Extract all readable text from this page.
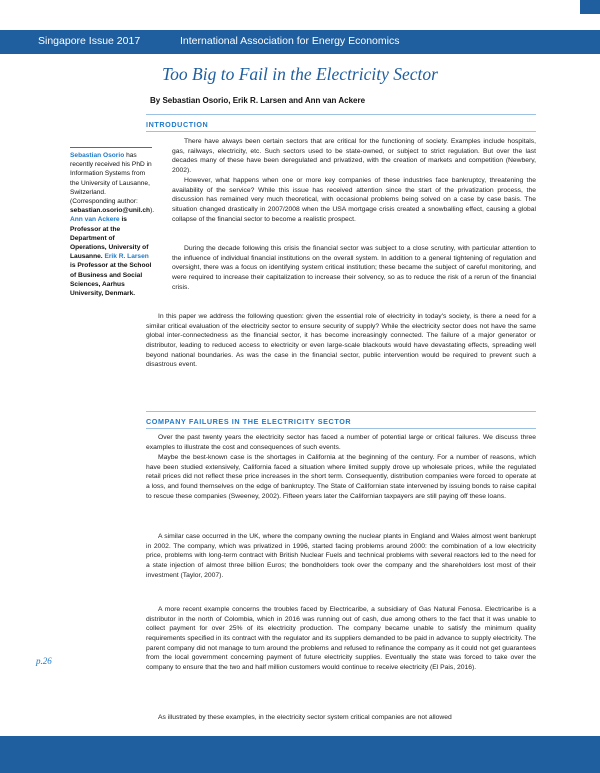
Singapore Issue 2017	International Association for Energy Economics
Too Big to Fail in the Electricity Sector
By Sebastian Osorio, Erik R. Larsen and Ann van Ackere
INTRODUCTION
Sebastian Osorio has recently received his PhD in Information Systems from the University of Lausanne, Switzerland. (Corresponding author: sebastian.osorio@unil.ch). Ann van Ackere is Professor at the Department of Operations, University of Lausanne. Erik R. Larsen is Professor at the School of Business and Social Sciences, Aarhus University, Denmark.

There have always been certain sectors that are critical for the functioning of society. Examples include hospitals, gas, railways, electricity, etc. Such sectors used to be state-owned, or subject to strict regulation. But over the last decades many of these have been deregulated and privatized, with the creation of markets and competition (Newbery, 2002).

However, what happens when one or more key companies of these industries face bankruptcy, threatening the availability of the service? While this issue has received attention since the start of the privatization process, the discussion has remained very much theoretical, with occasional problems being solved on a case by case basis. The situation changed drastically in 2007/2008 when the USA mortgage crisis created a snowballing effect, causing a global collapse of the financial sector to become a realistic prospect.

During the decade following this crisis the financial sector was subject to a close scrutiny, with particular attention to the influence of individual financial institutions on the overall system. In addition to a general tightening of regulation and oversight, there was a focus on identifying system critical institution; these became the subject of careful monitoring, and were required to increase their capitalization to increase their solvency, so as to reduce the risk of a rerun of the financial crisis.

In this paper we address the following question: given the essential role of electricity in today's society, is there a need for a similar critical evaluation of the electricity sector to ensure security of supply? While the electricity sector does not have the same global inter-connectedness as the financial sector, it has become increasingly connected. The failure of a major generator or distributor, leading to reduced access to electricity or even large-scale blackouts would have devastating effects, spreading well beyond national boundaries. As was the case in the financial sector, public intervention would be required to prevent such a disastrous event.

COMPANY FAILURES IN THE ELECTRICITY SECTOR

Over the past twenty years the electricity sector has faced a number of potential large or critical failures. We discuss three examples to illustrate the cost and consequences of such events.

Maybe the best-known case is the shortages in California at the beginning of the century. For a number of reasons, which have been studied extensively, California faced a situation where limited supply drove up wholesale prices, while the regulated retail prices did not reflect these price increases in the short term. Consequently, distribution companies were forced to operate at a loss, and found themselves on the edge of bankruptcy. The State of Californian state intervened by issuing bonds to raise capital to rescue these companies (Sweeney, 2002). Fifteen years later the Californian taxpayers are still paying off these loans.

A similar case occurred in the UK, where the company owning the nuclear plants in England and Wales almost went bankrupt in 2002. The company, which was privatized in 1996, started facing problems around 2000: the combination of a low electricity price, problems with long-term contract with British Nuclear Fuels and technical problems with several reactors led to the need for a state injection of almost three billion Euros; the bondholders took over the company and the shareholders lost most of their investment (Taylor, 2007).

A more recent example concerns the troubles faced by Electricaribe, a subsidiary of Gas Natural Fenosa. Electricaribe is a distributor in the north of Colombia, which in 2016 was running out of cash, due among others to the fact that it was unable to collect payment for over 25% of its electricity production. The company became unable to satisfy the minimum quality requirements specified in its contract with the regulator and its suppliers demanded to be paid in advance to supply electricity. The parent company did not manage to turn around the problems and refused to refinance the company as it could not get guarantees from the local government concerning payment of future electricity supplies. Eventually the state was forced to take over the company to ensure that the two and half million customers would continue to receive electricity (El Pais, 2016).

As illustrated by these examples, in the electricity sector system critical companies are not allowed

p.26
